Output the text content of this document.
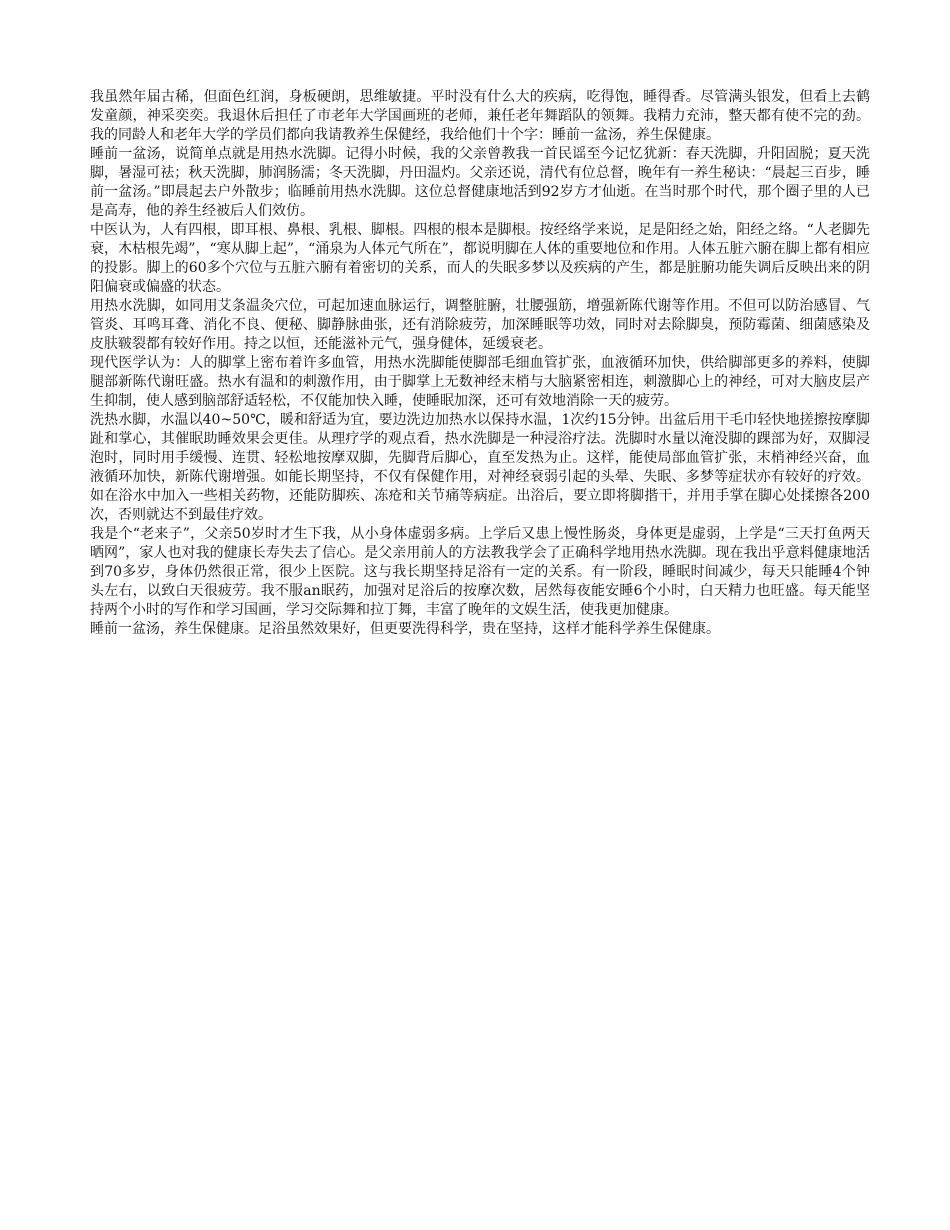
我虽然年届古稀，但面色红润，身板硬朗，思维敏捷。平时没有什么大的疾病，吃得饱，睡得香。尽管满头银发，但看上去鹤发童颜，神采奕奕。我退休后担任了市老年大学国画班的老师，兼任老年舞蹈队的领舞。我精力充沛，整天都有使不完的劲。我的同龄人和老年大学的学员们都向我请教养生保健经，我给他们十个字：睡前一盆汤，养生保健康。

睡前一盆汤，说简单点就是用热水洗脚。记得小时候，我的父亲曾教我一首民谣至今记忆犹新：春天洗脚，升阳固脱；夏天洗脚，暑湿可祛；秋天洗脚，肺润肠濡；冬天洗脚，丹田温灼。父亲还说，清代有位总督，晚年有一养生秘诀：“晨起三百步，睡前一盆汤。”即晨起去户外散步；临睡前用热水洗脚。这位总督健康地活到92岁方才仙逝。在当时那个时代，那个圈子里的人已是高寿，他的养生经被后人们效仿。

中医认为，人有四根，即耳根、鼻根、乳根、脚根。四根的根本是脚根。按经络学来说，足是阳经之始，阳经之络。“人老脚先衰，木枯根先竭”，“寒从脚上起”，“涌泉为人体元气所在”，都说明脚在人体的重要地位和作用。人体五脏六腑在脚上都有相应的投影。脚上的60多个穴位与五脏六腑有着密切的关系，而人的失眠多梦以及疾病的产生，都是脏腑功能失调后反映出来的阴阳偏衰或偏盛的状态。

用热水洗脚，如同用艾条温灸穴位，可起加速血脉运行，调整脏腑，壮腰强筋，增强新陈代谢等作用。不但可以防治感冒、气管炎、耳鸣耳聋、消化不良、便秘、脚静脉曲张，还有消除疲劳，加深睡眠等功效，同时对去除脚臭，预防霉菌、细菌感染及皮肤皲裂都有较好作用。持之以恒，还能滋补元气，强身健体，延缓衰老。

现代医学认为：人的脚掌上密布着许多血管，用热水洗脚能使脚部毛细血管扩张，血液循环加快，供给脚部更多的养料，使脚腿部新陈代谢旺盛。热水有温和的刺激作用，由于脚掌上无数神经末梢与大脑紧密相连，刺激脚心上的神经，可对大脑皮层产生抑制，使人感到脑部舒适轻松，不仅能加快入睡，使睡眠加深，还可有效地消除一天的疲劳。

洗热水脚，水温以40~50℃，暖和舒适为宜，要边洗边加热水以保持水温，1次约15分钟。出盆后用干毛巾轻快地搓擦按摩脚趾和掌心，其催眠助睡效果会更佳。从理疗学的观点看，热水洗脚是一种浸浴疗法。洗脚时水量以淹没脚的踝部为好，双脚浸泡时，同时用手缓慢、连贯、轻松地按摩双脚，先脚背后脚心，直至发热为止。这样，能使局部血管扩张，末梢神经兴奋，血液循环加快，新陈代谢增强。如能长期坚持，不仅有保健作用，对神经衰弱引起的头晕、失眠、多梦等症状亦有较好的疗效。如在浴水中加入一些相关药物，还能防脚疾、冻疮和关节痛等病症。出浴后，要立即将脚揩干，并用手掌在脚心处揉擦各200次，否则就达不到最佳疗效。

我是个“老来子”，父亲50岁时才生下我，从小身体虚弱多病。上学后又患上慢性肠炎，身体更是虚弱，上学是“三天打鱼两天晒网”，家人也对我的健康长寿失去了信心。是父亲用前人的方法教我学会了正确科学地用热水洗脚。现在我出乎意料健康地活到70多岁，身体仍然很正常，很少上医院。这与我长期坚持足浴有一定的关系。有一阶段，睡眠时间减少，每天只能睡4个钟头左右，以致白天很疲劳。我不服an眠药，加强对足浴后的按摩次数，居然每夜能安睡6个小时，白天精力也旺盛。每天能坚持两个小时的写作和学习国画，学习交际舞和拉丁舞，丰富了晚年的文娱生活，使我更加健康。

睡前一盆汤，养生保健康。足浴虽然效果好，但更要洗得科学，贵在坚持，这样才能科学养生保健康。
